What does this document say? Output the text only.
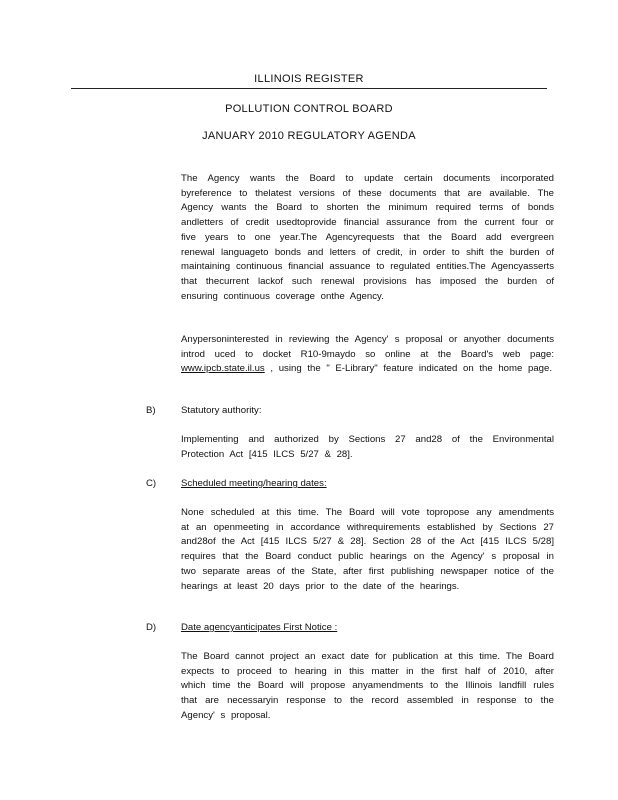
ILLINOIS REGISTER
POLLUTION CONTROL BOARD
JANUARY 2010 REGULATORY AGENDA
The Agency wants the Board to update certain documents incorporated byreference to thelatest versions of these documents that are available. The Agency wants the Board to shorten the minimum required terms of bonds andletters of credit usedtoprovide financial assurance from the current four or five years to one year.The Agencyrequests that the Board add evergreen renewal languageto bonds and letters of credit, in order to shift the burden of maintaining continuous financial assuance to regulated entities.The Agencyasserts that thecurrent lackof such renewal provisions has imposed the burden of ensuring continuous coverage onthe Agency.
Anypersoninterested in reviewing the Agency' s proposal or anyother documents introd uced to docket R10-9maydo so online at the Board's web page: www.ipcb.state.il.us , using the " E-Library" feature indicated on the home page.
B)	Statutory authority:
Implementing and authorized by Sections 27 and28 of the Environmental Protection Act [415 ILCS 5/27 & 28].
C)	Scheduled meeting/hearing dates:
None scheduled at this time. The Board will vote topropose any amendments at an openmeeting in accordance withrequirements established by Sections 27 and28of the Act [415 ILCS 5/27 & 28]. Section 28 of the Act [415 ILCS 5/28] requires that the Board conduct public hearings on the Agency' s proposal in two separate areas of the State, after first publishing newspaper notice of the hearings at least 20 days prior to the date of the hearings.
D)	Date agencyanticipates First Notice :
The Board cannot project an exact date for publication at this time. The Board expects to proceed to hearing in this matter in the first half of 2010, after which time the Board will propose anyamendments to the Illinois landfill rules that are necessaryin response to the record assembled in response to the Agency' s proposal.
